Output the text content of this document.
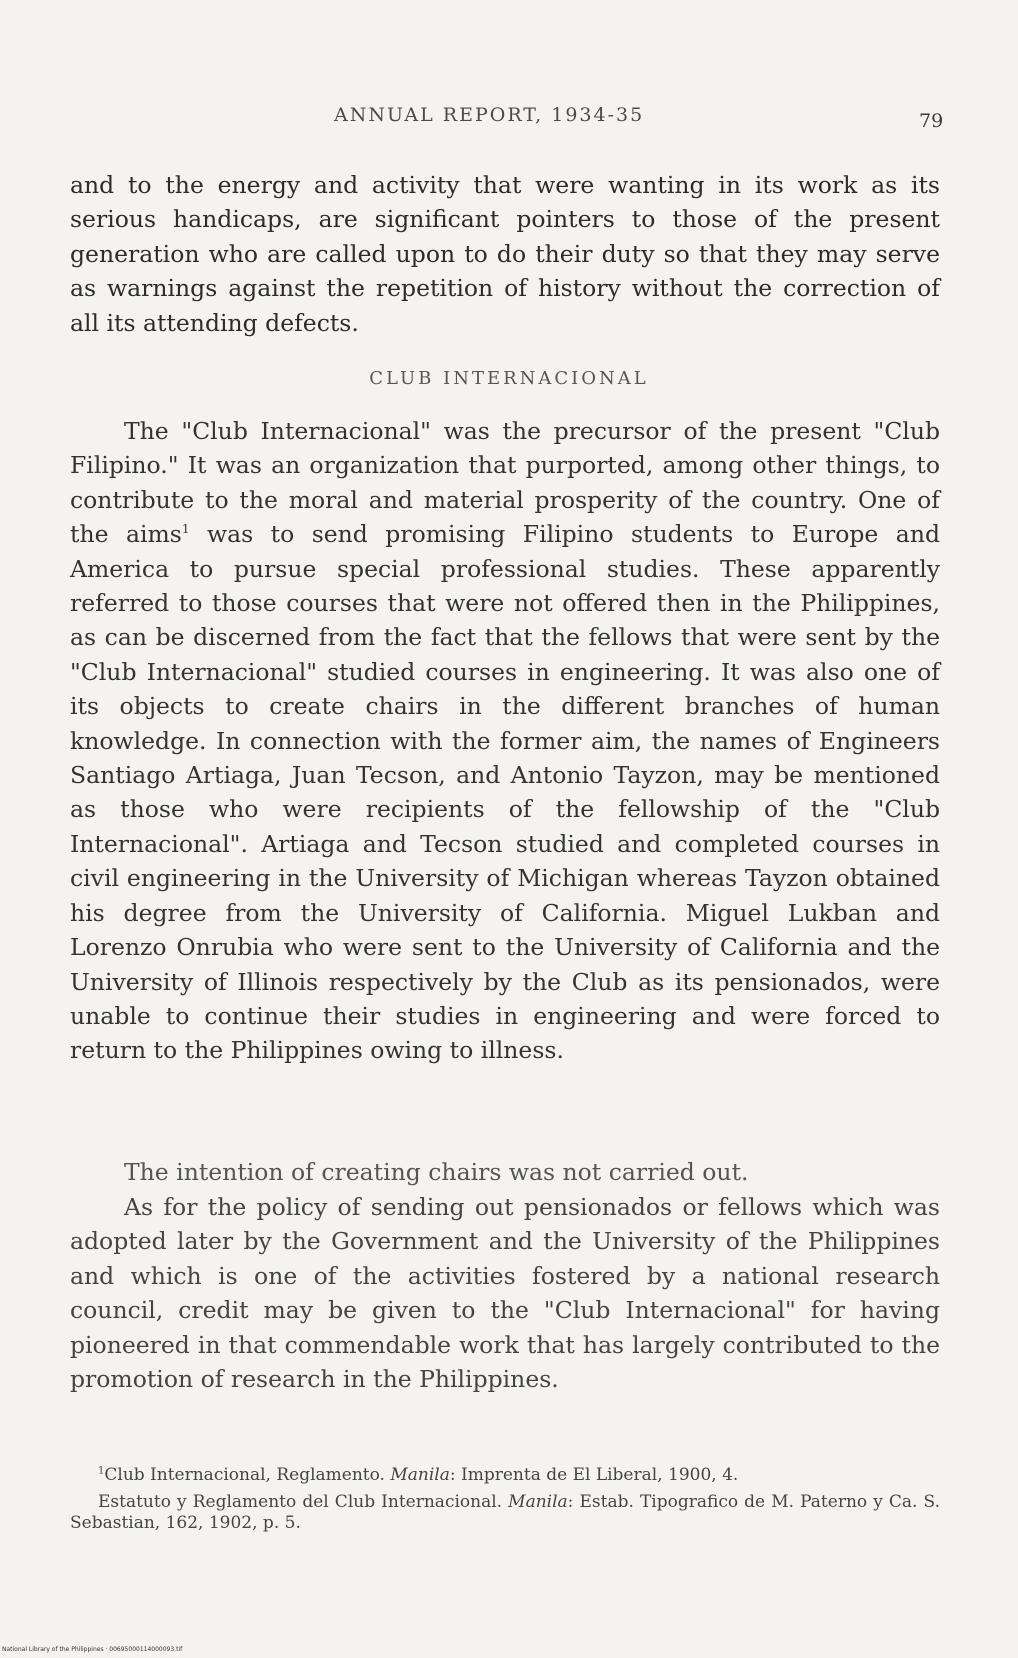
ANNUAL REPORT, 1934-35	79

and to the energy and activity that were wanting in its work as its serious handicaps, are significant pointers to those of the present generation who are called upon to do their duty so that they may serve as warnings against the repetition of history without the correction of all its attending defects.

CLUB INTERNACIONAL

The "Club Internacional" was the precursor of the present "Club Filipino." It was an organization that purported, among other things, to contribute to the moral and material prosperity of the country. One of the aims$^1$ was to send promising Filipino students to Europe and America to pursue special professional studies. These apparently referred to those courses that were not offered then in the Philippines, as can be discerned from the fact that the fellows that were sent by the "Club Internacional" studied courses in engineering. It was also one of its objects to create chairs in the different branches of human knowledge. In connection with the former aim, the names of Engineers Santiago Artiaga, Juan Tecson, and Antonio Tayzon, may be mentioned as those who were recipients of the fellowship of the "Club Internacional". Artiaga and Tecson studied and completed courses in civil engineering in the University of Michigan whereas Tayzon obtained his degree from the University of California. Miguel Lukban and Lorenzo Onrubia who were sent to the University of California and the University of Illinois respectively by the Club as its pensionados, were unable to continue their studies in engineering and were forced to return to the Philippines owing to illness.

The intention of creating chairs was not carried out.

As for the policy of sending out pensionados or fellows which was adopted later by the Government and the University of the Philippines and which is one of the activities fostered by a national research council, credit may be given to the "Club Internacional" for having pioneered in that commendable work that has largely contributed to the promotion of research in the Philippines.

$^1$Club Internacional, Reglamento. Manila: Imprenta de El Liberal, 1900, 4.

Estatuto y Reglamento del Club Internacional. Manila: Estab. Tipografico de M. Paterno y Ca. S. Sebastian, 162, 1902, p. 5.

National Library of the Philippines · 00695000114000093.tif
